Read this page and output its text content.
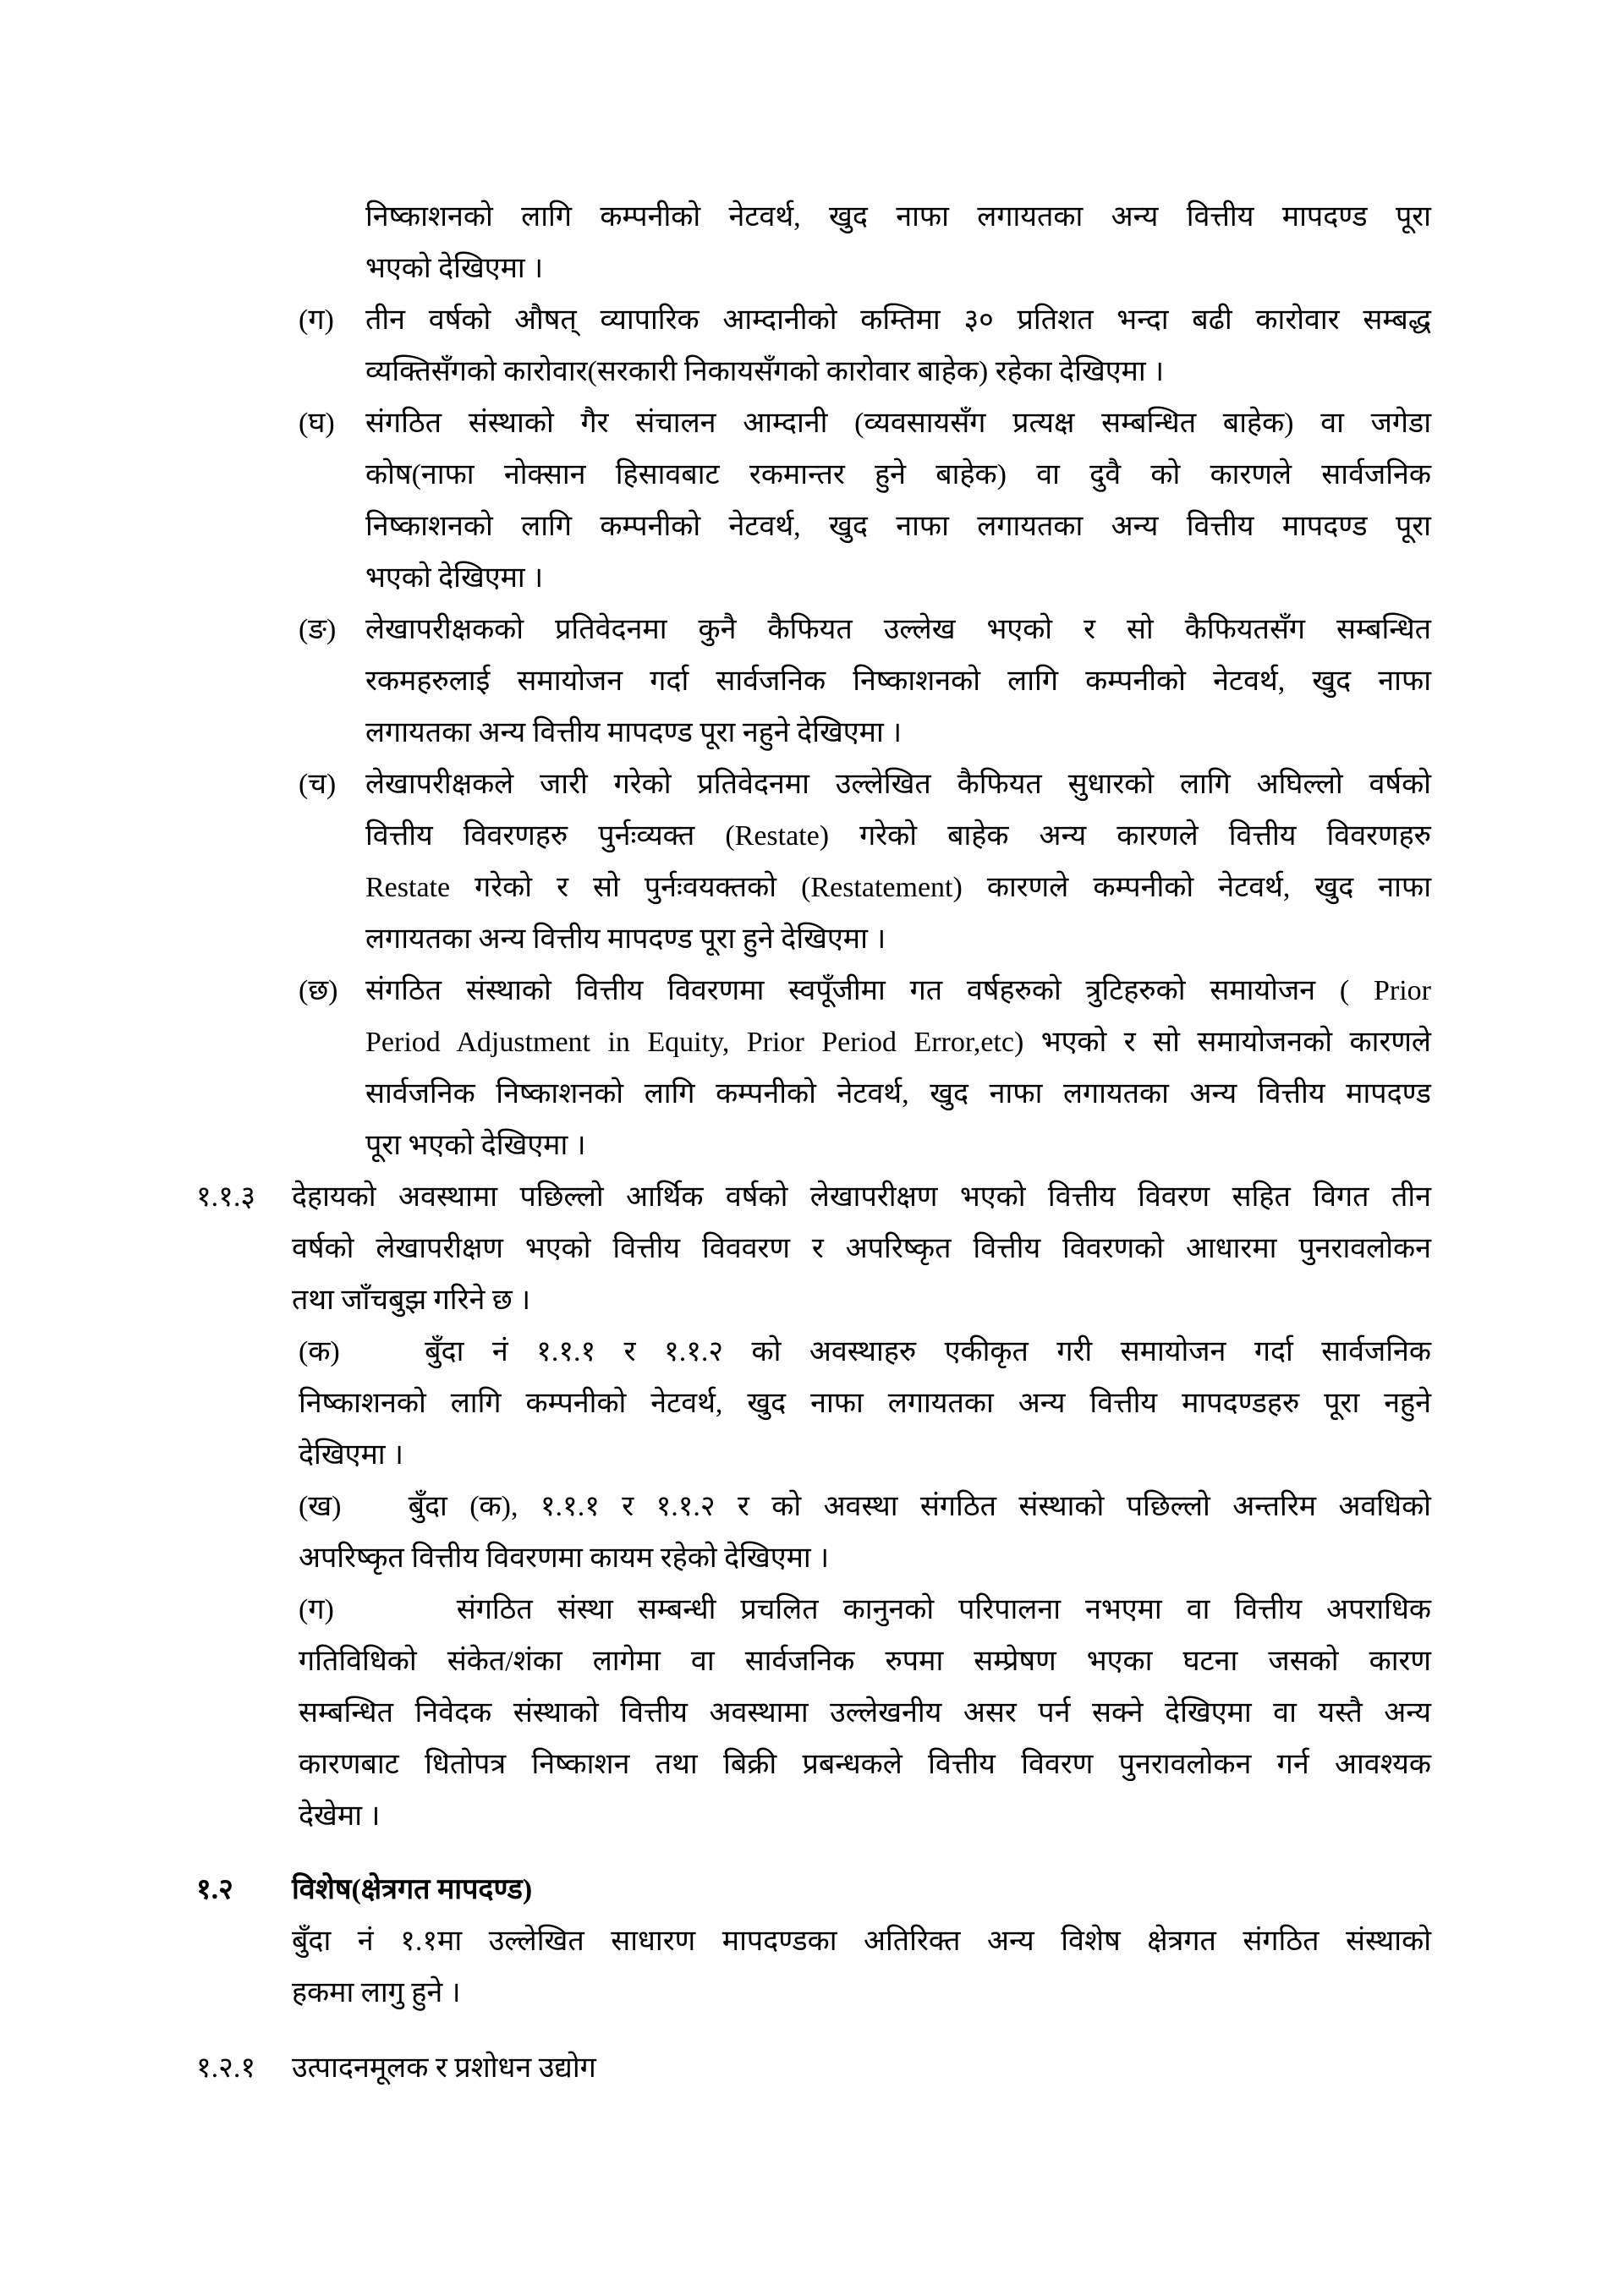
निष्काशनको लागि कम्पनीको नेटवर्थ, खुद नाफा लगायतका अन्य वित्तीय मापदण्ड पूरा
भएको देखिएमा ।
(ग) तीन वर्षको औषत् व्यापारिक आम्दानीको कम्तिमा ३० प्रतिशत भन्दा बढी कारोवार सम्बद्ध
व्यक्तिसँगको कारोवार(सरकारी निकायसँगको कारोवार बाहेक) रहेका देखिएमा ।
(घ) संगठित संस्थाको गैर संचालन आम्दानी (व्यवसायसँग प्रत्यक्ष सम्बन्धित बाहेक) वा जगेडा
कोष(नाफा नोक्सान हिसावबाट रकमान्तर हुने बाहेक) वा दुवै को कारणले सार्वजनिक
निष्काशनको लागि कम्पनीको नेटवर्थ, खुद नाफा लगायतका अन्य वित्तीय मापदण्ड पूरा
भएको देखिएमा ।
(ङ) लेखापरीक्षकको प्रतिवेदनमा कुनै कैफियत उल्लेख भएको र सो कैफियतसँग सम्बन्धित
रकमहरुलाई समायोजन गर्दा सार्वजनिक निष्काशनको लागि कम्पनीको नेटवर्थ, खुद नाफा
लगायतका अन्य वित्तीय मापदण्ड पूरा नहुने देखिएमा ।
(च) लेखापरीक्षकले जारी गरेको प्रतिवेदनमा उल्लेखित कैफियत सुधारको लागि अघिल्लो वर्षको
वित्तीय विवरणहरु पुर्नःव्यक्त (Restate) गरेको बाहेक अन्य कारणले वित्तीय विवरणहरु
Restate गरेको र सो पुर्नःवयक्तको (Restatement) कारणले कम्पनीको नेटवर्थ, खुद नाफा
लगायतका अन्य वित्तीय मापदण्ड पूरा हुने देखिएमा ।
(छ) संगठित संस्थाको वित्तीय विवरणमा स्वपूँजीमा गत वर्षहरुको त्रुटिहरुको समायोजन ( Prior
Period Adjustment in Equity, Prior Period Error,etc) भएको र सो समायोजनको कारणले
सार्वजनिक निष्काशनको लागि कम्पनीको नेटवर्थ, खुद नाफा लगायतका अन्य वित्तीय मापदण्ड
पूरा भएको देखिएमा ।
१.१.३ देहायको अवस्थामा पछिल्लो आर्थिक वर्षको लेखापरीक्षण भएको वित्तीय विवरण सहित विगत तीन
वर्षको लेखापरीक्षण भएको वित्तीय विववरण र अपरिष्कृत वित्तीय विवरणको आधारमा पुनरावलोकन
तथा जाँचबुझ गरिने छ ।
(क)   बुँदा नं १.१.१ र १.१.२ को अवस्थाहरु एकीकृत गरी समायोजन गर्दा सार्वजनिक
निष्काशनको लागि कम्पनीको नेटवर्थ, खुद नाफा लगायतका अन्य वित्तीय मापदण्डहरु पूरा नहुने
देखिएमा ।
(ख)   बुँदा (क), १.१.१ र १.१.२ र को अवस्था संगठित संस्थाको पछिल्लो अन्तरिम अवधिको
अपरिष्कृत वित्तीय विवरणमा कायम रहेको देखिएमा ।
(ग)     संगठित संस्था सम्बन्धी प्रचलित कानुनको परिपालना नभएमा वा वित्तीय अपराधिक
गतिविधिको संकेत/शंका लागेमा वा सार्वजनिक रुपमा सम्प्रेषण भएका घटना जसको कारण
सम्बन्धित निवेदक संस्थाको वित्तीय अवस्थामा उल्लेखनीय असर पर्न सक्ने देखिएमा वा यस्तै अन्य
कारणबाट धितोपत्र निष्काशन तथा बिक्री प्रबन्धकले वित्तीय विवरण पुनरावलोकन गर्न आवश्यक
देखेमा ।
१.२ विशेष(क्षेत्रगत मापदण्ड)
बुँदा नं १.१मा उल्लेखित साधारण मापदण्डका अतिरिक्त अन्य विशेष क्षेत्रगत संगठित संस्थाको
हकमा लागु हुने ।
१.२.१ उत्पादनमूलक र प्रशोधन उद्योग
